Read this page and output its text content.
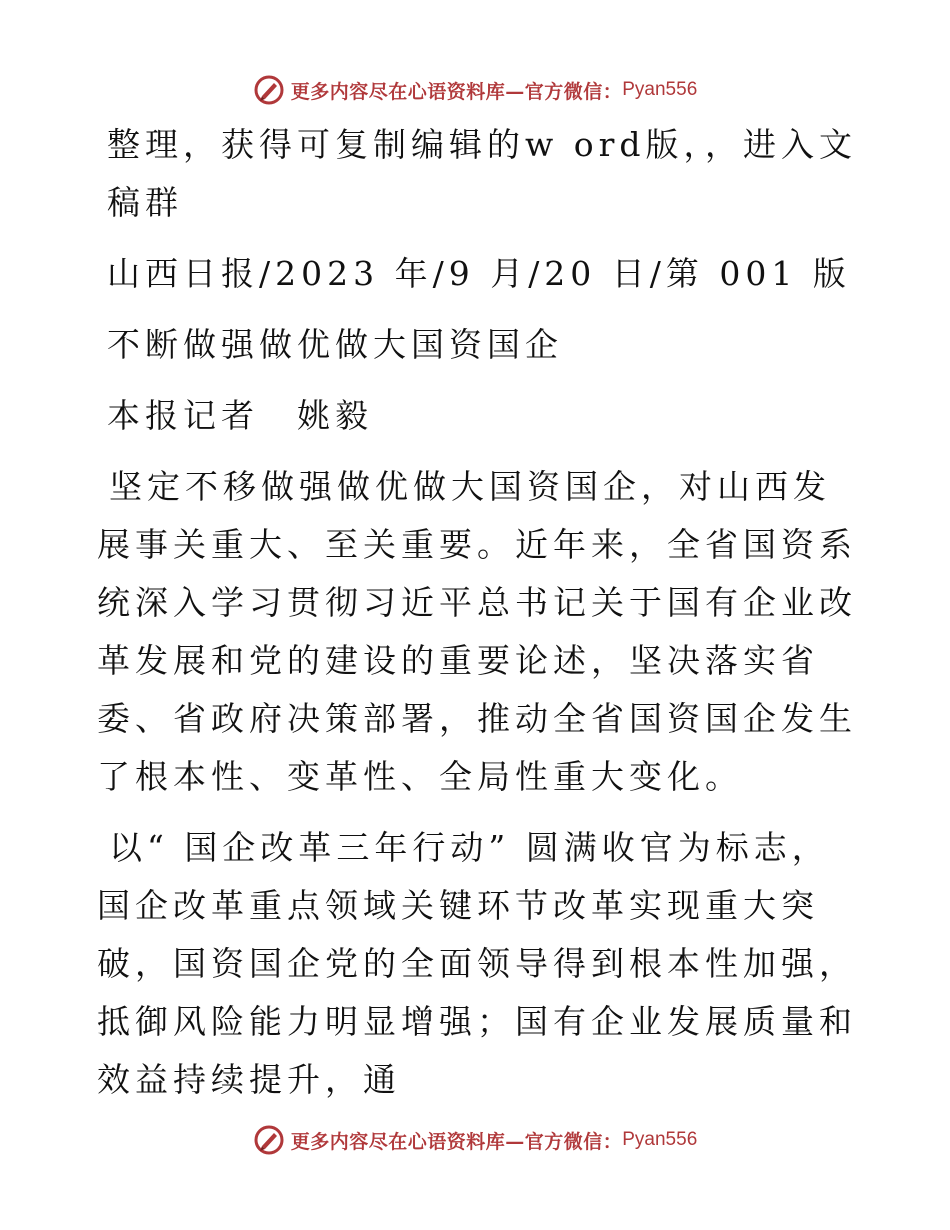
更多内容尽在心语资料库—官方微信： Pyan556

整理，获得可复制编辑的w ord版，，进入文稿群

山西日报/2023 年/9 月/20 日/第 001 版

不断做强做优做大国资国企

本报记者　姚毅

坚定不移做强做优做大国资国企，对山西发展事关重大、至关重要。近年来，全省国资系统深入学习贯彻习近平总书记关于国有企业改革发展和党的建设的重要论述，坚决落实省委、省政府决策部署，推动全省国资国企发生了根本性、变革性、全局性重大变化。

以“ 国企改革三年行动” 圆满收官为标志，国企改革重点领域关键环节改革实现重大突破，国资国企党的全面领导得到根本性加强，抵御风险能力明显增强；国有企业发展质量和效益持续提升，通

更多内容尽在心语资料库—官方微信： Pyan556
